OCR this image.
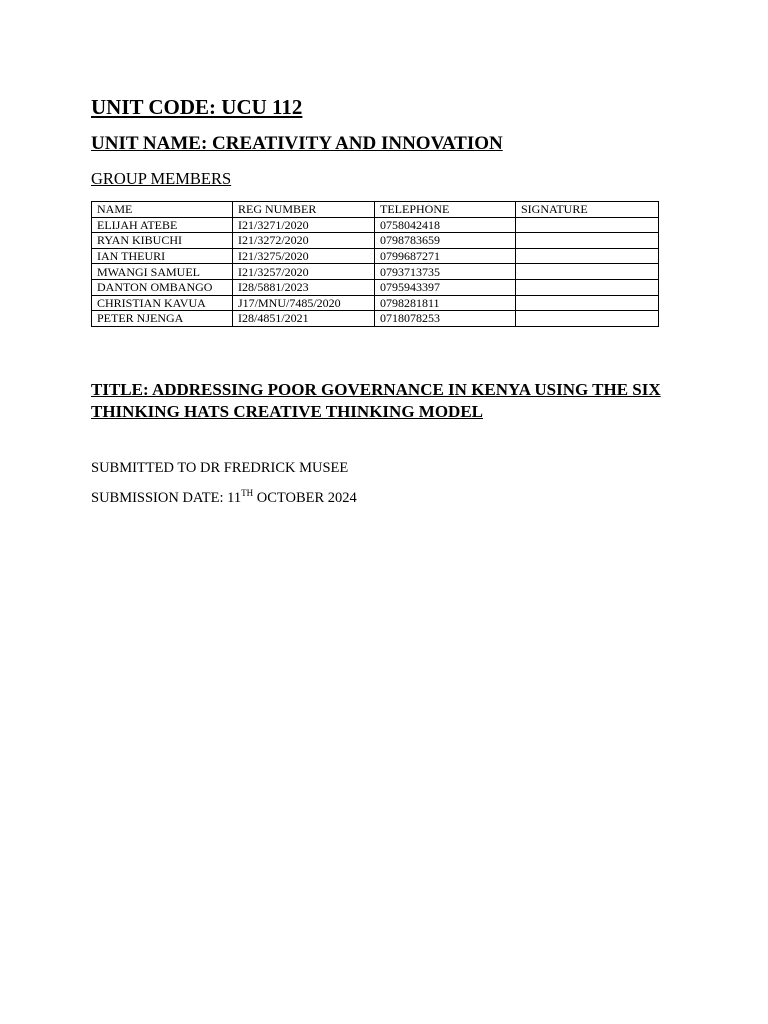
UNIT CODE: UCU 112
UNIT NAME: CREATIVITY AND INNOVATION

GROUP MEMBERS

NAME	REG NUMBER	TELEPHONE	SIGNATURE
ELIJAH ATEBE	I21/3271/2020	0758042418	
RYAN KIBUCHI	I21/3272/2020	0798783659	
IAN THEURI	I21/3275/2020	0799687271	
MWANGI SAMUEL	I21/3257/2020	0793713735	
DANTON OMBANGO	I28/5881/2023	0795943397	
CHRISTIAN KAVUA	J17/MNU/7485/2020	0798281811	
PETER NJENGA	I28/4851/2021	0718078253	

TITLE: ADDRESSING POOR GOVERNANCE IN KENYA USING THE SIX THINKING HATS CREATIVE THINKING MODEL

SUBMITTED TO DR FREDRICK MUSEE

SUBMISSION DATE: 11TH OCTOBER 2024
